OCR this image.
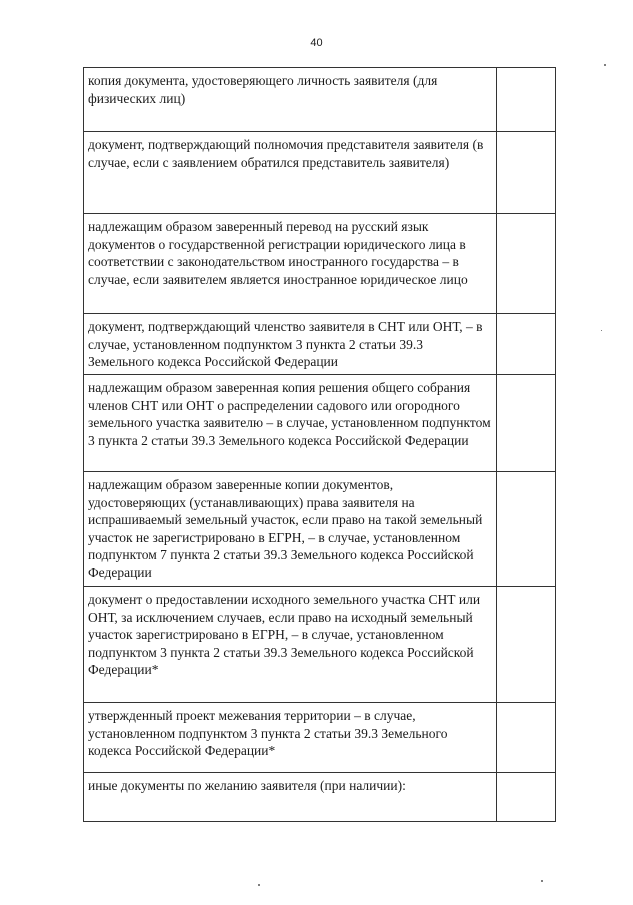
40
копия документа, удостоверяющего личность заявителя (для физических лиц)	
документ, подтверждающий полномочия представителя заявителя (в случае, если с заявлением обратился представитель заявителя)	
надлежащим образом заверенный перевод на русский язык документов о государственной регистрации юридического лица в соответствии с законодательством иностранного государства – в случае, если заявителем является иностранное юридическое лицо	
документ, подтверждающий членство заявителя в СНТ или ОНТ, – в случае, установленном подпунктом 3 пункта 2 статьи 39.3 Земельного кодекса Российской Федерации	
надлежащим образом заверенная копия решения общего собрания членов СНТ или ОНТ о распределении садового или огородного земельного участка заявителю – в случае, установленном подпунктом 3 пункта 2 статьи 39.3 Земельного кодекса Российской Федерации	
надлежащим образом заверенные копии документов, удостоверяющих (устанавливающих) права заявителя на испрашиваемый земельный участок, если право на такой земельный участок не зарегистрировано в ЕГРН, – в случае, установленном подпунктом 7 пункта 2 статьи 39.3 Земельного кодекса Российской Федерации	
документ о предоставлении исходного земельного участка СНТ или ОНТ, за исключением случаев, если право на исходный земельный участок зарегистрировано в ЕГРН, – в случае, установленном подпунктом 3 пункта 2 статьи 39.3 Земельного кодекса Российской Федерации*	
утвержденный проект межевания территории – в случае, установленном подпунктом 3 пункта 2 статьи 39.3 Земельного кодекса Российской Федерации*	
иные документы по желанию заявителя (при наличии):	
